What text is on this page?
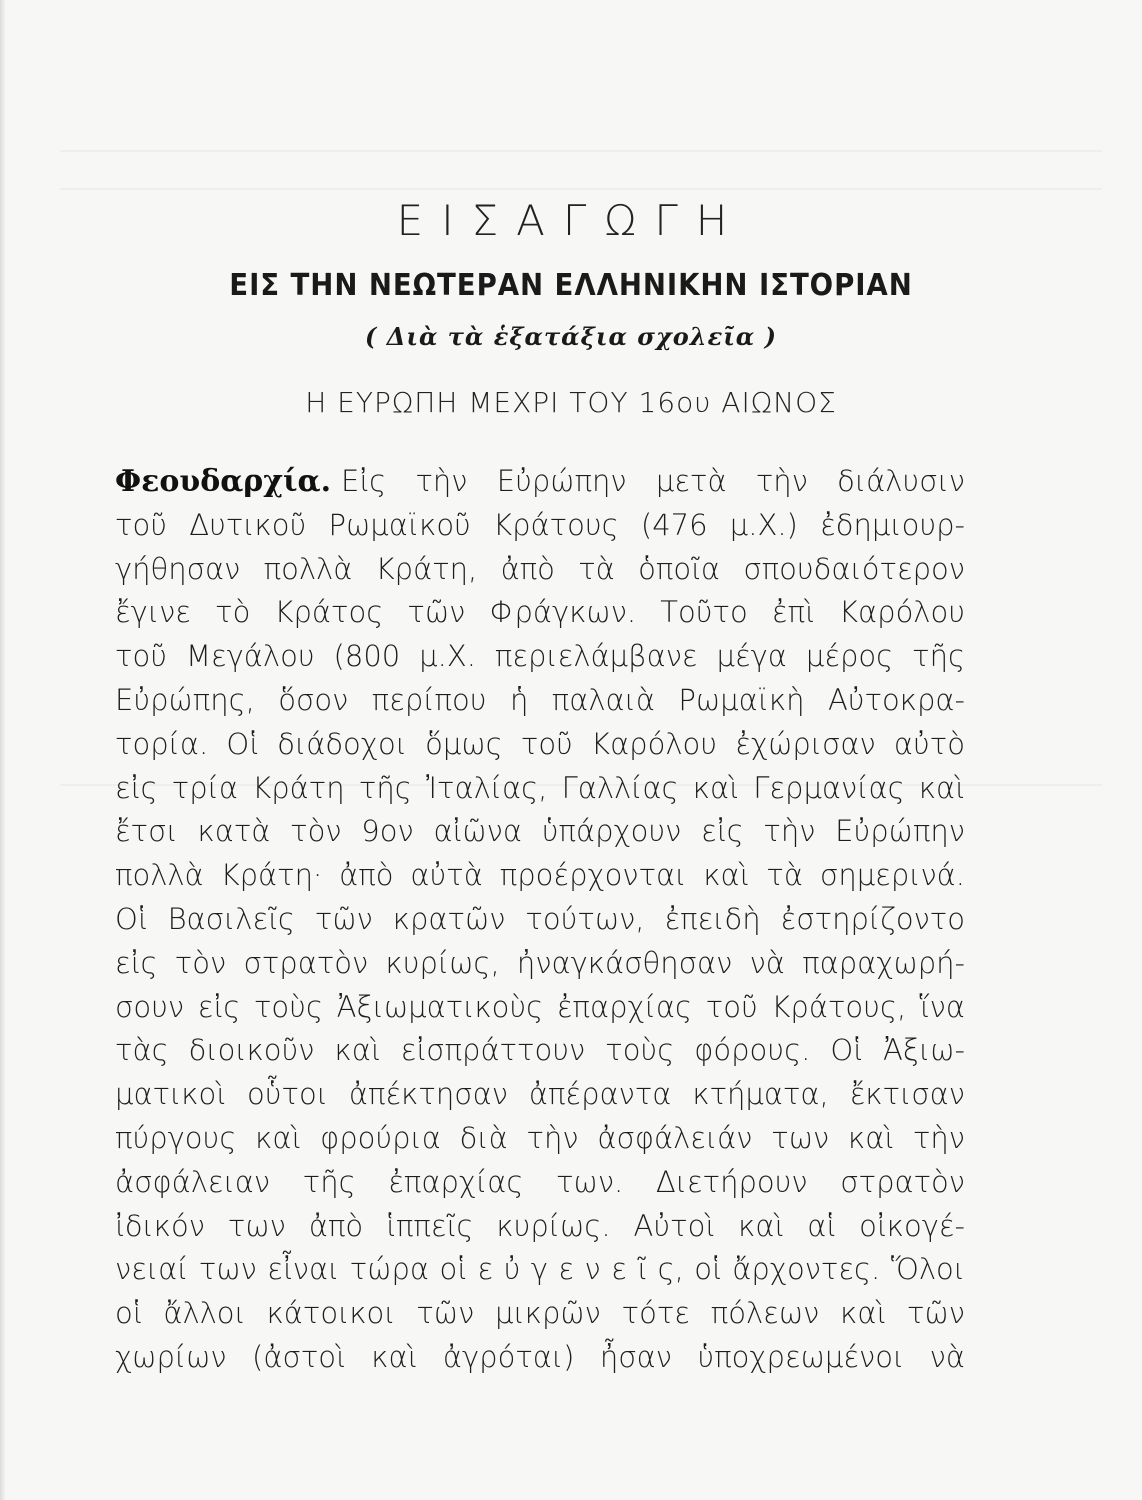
ΕΙΣΑΓΩΓΗ
ΕΙΣ ΤΗΝ ΝΕΩΤΕΡΑΝ ΕΛΛΗΝΙΚΗΝ ΙΣΤΟΡΙΑΝ
( Διὰ τὰ ἑξατάξια σχολεῖα )
Η ΕΥΡΩΠΗ ΜΕΧΡΙ ΤΟΥ 16ου ΑΙΩΝΟΣ
Φεουδαρχία. Εἰς τὴν Εὐρώπην μετὰ τὴν διάλυσιν
τοῦ Δυτικοῦ Ρωμαϊκοῦ Κράτους (476 μ.Χ.) ἐδημιουρ-
γήθησαν πολλὰ Κράτη, ἀπὸ τὰ ὁποῖα σπουδαιότερον
ἔγινε τὸ Κράτος τῶν Φράγκων. Τοῦτο ἐπὶ Καρόλου
τοῦ Μεγάλου (800 μ.Χ. περιελάμβανε μέγα μέρος τῆς
Εὐρώπης, ὅσον περίπου ἡ παλαιὰ Ρωμαϊκὴ Αὐτοκρα-
τορία. Οἱ διάδοχοι ὅμως τοῦ Καρόλου ἐχώρισαν αὐτὸ
εἰς τρία Κράτη τῆς Ἰταλίας, Γαλλίας καὶ Γερμανίας καὶ
ἔτσι κατὰ τὸν 9ον αἰῶνα ὑπάρχουν εἰς τὴν Εὐρώπην
πολλὰ Κράτη· ἀπὸ αὐτὰ προέρχονται καὶ τὰ σημερινά.
Οἱ Βασιλεῖς τῶν κρατῶν τούτων, ἐπειδὴ ἐστηρίζοντο
εἰς τὸν στρατὸν κυρίως, ἠναγκάσθησαν νὰ παραχωρή-
σουν εἰς τοὺς Ἀξιωματικοὺς ἐπαρχίας τοῦ Κράτους, ἵνα
τὰς διοικοῦν καὶ εἰσπράττουν τοὺς φόρους. Οἱ Ἀξιω-
ματικοὶ οὗτοι ἀπέκτησαν ἀπέραντα κτήματα, ἔκτισαν
πύργους καὶ φρούρια διὰ τὴν ἀσφάλειάν των καὶ τὴν
ἀσφάλειαν τῆς ἐπαρχίας των. Διετήρουν στρατὸν
ἰδικόν των ἀπὸ ἱππεῖς κυρίως. Αὐτοὶ καὶ αἱ οἰκογέ-
νειαί των εἶναι τώρα οἱ ε ὐ γ ε ν ε ῖ ς, οἱ ἄρχοντες. Ὅλοι
οἱ ἄλλοι κάτοικοι τῶν μικρῶν τότε πόλεων καὶ τῶν
χωρίων (ἀστοὶ καὶ ἀγρόται) ἦσαν ὑποχρεωμένοι νὰ
